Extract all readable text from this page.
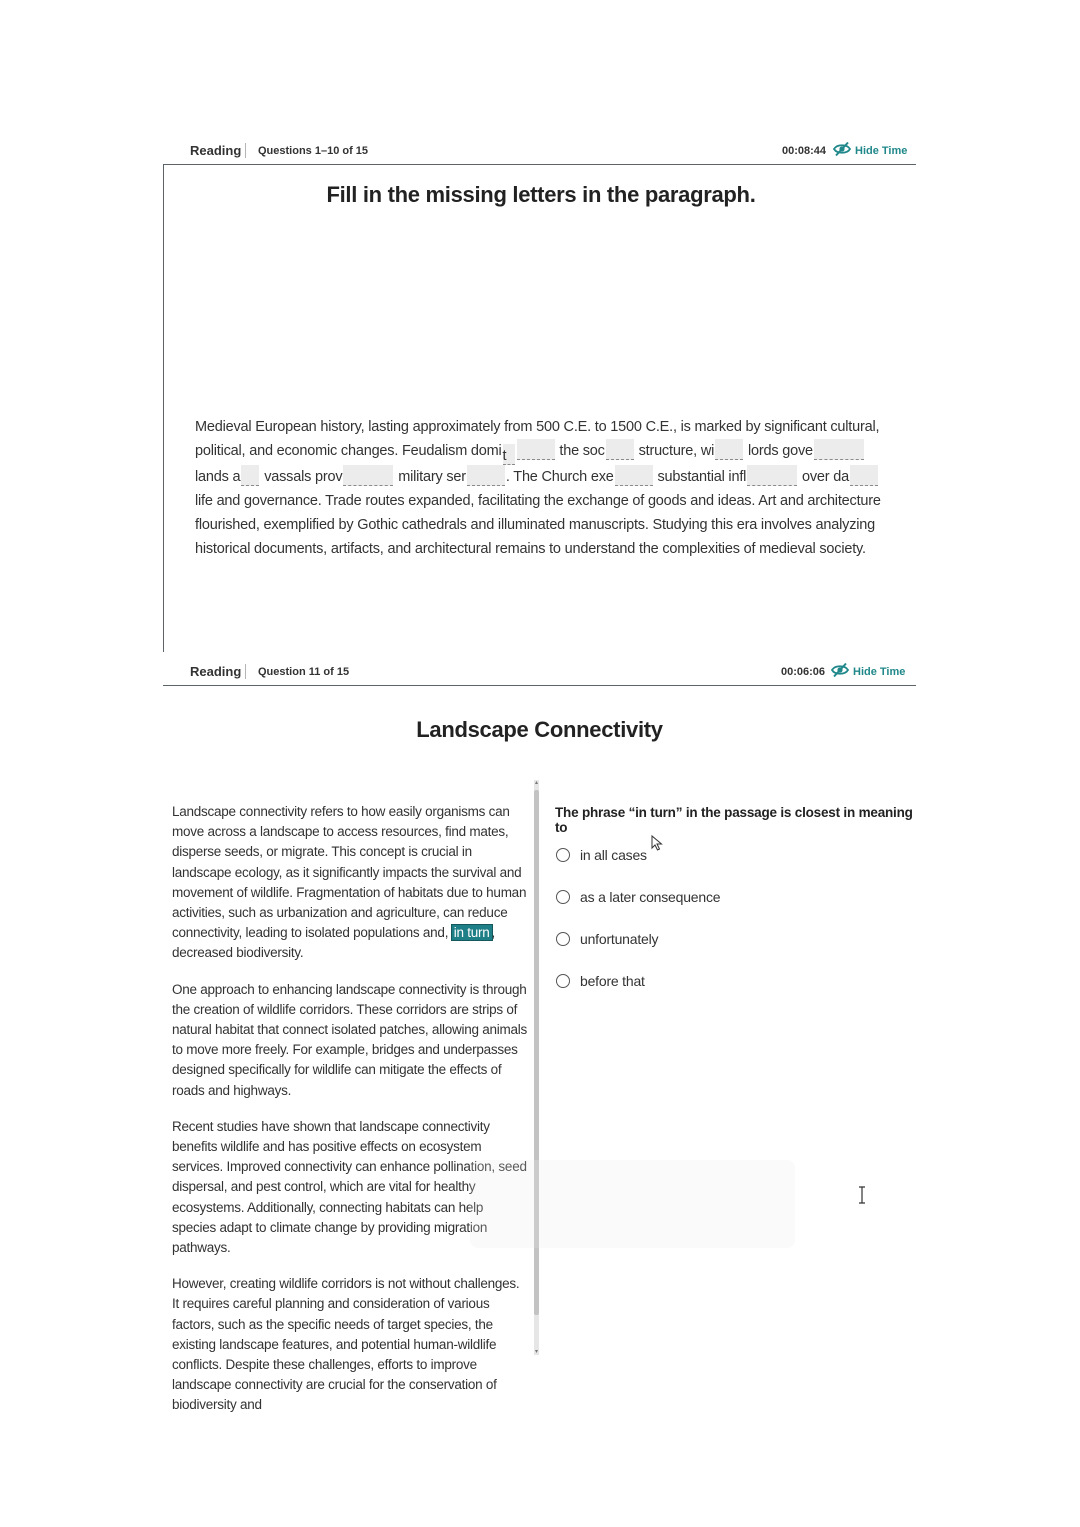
Reading Questions 1–10 of 15	00:08:44	Hide Time
Fill in the missing letters in the paragraph.
Medieval European history, lasting approximately from 500 C.E. to 1500 C.E., is marked by significant cultural, political, and economic changes. Feudalism domit	the soc structure, wi lords gove lands a vassals prov	military ser	. The Church exe	substantial infl	over da life and governance. Trade routes expanded, facilitating the exchange of goods and ideas. Art and architecture flourished, exemplified by Gothic cathedrals and illuminated manuscripts. Studying this era involves analyzing historical documents, artifacts, and architectural remains to understand the complexities of medieval society.
Reading Question 11 of 15	00:06:06	Hide Time
Landscape Connectivity

Landscape connectivity refers to how easily organisms can move across a landscape to access resources, find mates, disperse seeds, or migrate. This concept is crucial in landscape ecology, as it significantly impacts the survival and movement of wildlife. Fragmentation of habitats due to human activities, such as urbanization and agriculture, can reduce connectivity, leading to isolated populations and, in turn , decreased biodiversity.

One approach to enhancing landscape connectivity is through the creation of wildlife corridors. These corridors are strips of natural habitat that connect isolated patches, allowing animals to move more freely. For example, bridges and underpasses designed specifically for wildlife can mitigate the effects of roads and highways.

Recent studies have shown that landscape connectivity benefits wildlife and has positive effects on ecosystem services. Improved connectivity can enhance pollination, seed dispersal, and pest control, which are vital for healthy ecosystems. Additionally, connecting habitats can help species adapt to climate change by providing migration pathways.

However, creating wildlife corridors is not without challenges. It requires careful planning and consideration of various factors, such as the specific needs of target species, the existing landscape features, and potential human-wildlife conflicts. Despite these challenges, efforts to improve landscape connectivity are crucial for the conservation of biodiversity and

▴
▾
The phrase “in turn” in the passage is closest in meaning to
in all cases
as a later consequence
unfortunately
before that
